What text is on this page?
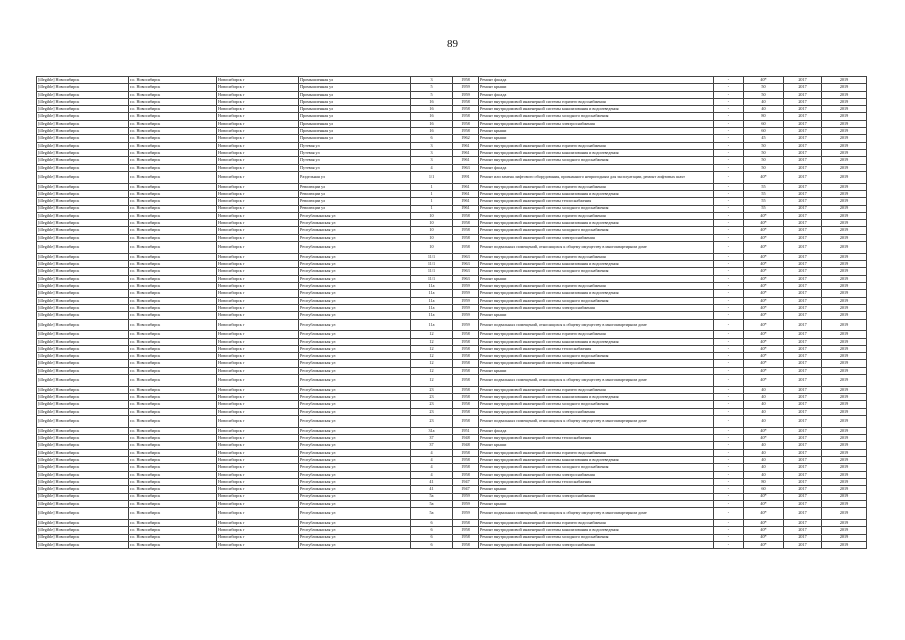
89
[illegible] Новосибирск	г.о. Новосибирск	Новосибирск г	Промышленная ул	3	1958	Ремонт фасада	-	40*	2017	2019
[illegible] Новосибирск	г.о. Новосибирск	Новосибирск г	Промышленная ул	5	1959	Ремонт крыши	-	50	2017	2019
[illegible] Новосибирск	г.о. Новосибирск	Новосибирск г	Промышленная ул	5	1959	Ремонт фасада	-	50	2017	2019
[illegible] Новосибирск	г.о. Новосибирск	Новосибирск г	Промышленная ул	16	1958	Ремонт внутридомовой инженерной системы горячего водоснабжения	-	40	2017	2019
[illegible] Новосибирск	г.о. Новосибирск	Новосибирск г	Промышленная ул	16	1958	Ремонт внутридомовой инженерной системы канализования и водоотведения	-	40	2017	2019
[illegible] Новосибирск	г.о. Новосибирск	Новосибирск г	Промышленная ул	16	1958	Ремонт внутридомовой инженерной системы холодного водоснабжения	-	80	2017	2019
[illegible] Новосибирск	г.о. Новосибирск	Новосибирск г	Промышленная ул	16	1958	Ремонт внутридомовой инженерной системы электроснабжения	-	60	2017	2019
[illegible] Новосибирск	г.о. Новосибирск	Новосибирск г	Промышленная ул	16	1958	Ремонт крыши	-	60	2017	2019
[illegible] Новосибирск	г.о. Новосибирск	Новосибирск г	Промышленная ул	6	1962	Ремонт крыши	-	45	2017	2019
[illegible] Новосибирск	г.о. Новосибирск	Новосибирск г	Путевая ул	3	1961	Ремонт внутридомовой инженерной системы горячего водоснабжения	-	50	2017	2019
[illegible] Новосибирск	г.о. Новосибирск	Новосибирск г	Путевая ул	3	1961	Ремонт внутридомовой инженерной системы канализования и водоотведения	-	50	2017	2019
[illegible] Новосибирск	г.о. Новосибирск	Новосибирск г	Путевая ул	3	1961	Ремонт внутридомовой инженерной системы холодного водоснабжения	-	50	2017	2019
[illegible] Новосибирск	г.о. Новосибирск	Новосибирск г	Путевая ул	4	1963	Ремонт фасада	-	50	2017	2019
[illegible] Новосибирск	г.о. Новосибирск	Новосибирск г	Раздельная ул	1/1	1991	Ремонт или замена лифтового оборудования, признанного непригодным для эксплуатации, ремонт лифтовых шахт	-	40*	2017	2019
[illegible] Новосибирск	г.о. Новосибирск	Новосибирск г	Революции ул	1	1961	Ремонт внутридомовой инженерной системы горячего водоснабжения	-	55	2017	2019
[illegible] Новосибирск	г.о. Новосибирск	Новосибирск г	Революции ул	1	1961	Ремонт внутридомовой инженерной системы канализования и водоотведения	-	55	2017	2019
[illegible] Новосибирск	г.о. Новосибирск	Новосибирск г	Революции ул	1	1961	Ремонт внутридомовой инженерной системы теплоснабжения	-	55	2017	2019
[illegible] Новосибирск	г.о. Новосибирск	Новосибирск г	Революции ул	1	1961	Ремонт внутридомовой инженерной системы холодного водоснабжения	-	55	2017	2019
[illegible] Новосибирск	г.о. Новосибирск	Новосибирск г	Республиканская ул	10	1958	Ремонт внутридомовой инженерной системы горячего водоснабжения	-	40*	2017	2019
[illegible] Новосибирск	г.о. Новосибирск	Новосибирск г	Республиканская ул	10	1958	Ремонт внутридомовой инженерной системы канализования и водоотведения	-	40*	2017	2019
[illegible] Новосибирск	г.о. Новосибирск	Новосибирск г	Республиканская ул	10	1958	Ремонт внутридомовой инженерной системы холодного водоснабжения	-	40*	2017	2019
[illegible] Новосибирск	г.о. Новосибирск	Новосибирск г	Республиканская ул	10	1958	Ремонт внутридомовой инженерной системы электроснабжения	-	40*	2017	2019
[illegible] Новосибирск	г.о. Новосибирск	Новосибирск г	Республиканская ул	10	1958	Ремонт подвальных помещений, относящихся к общему имуществу в многоквартирном доме	-	40*	2017	2019
[illegible] Новосибирск	г.о. Новосибирск	Новосибирск г	Республиканская ул	11/1	1963	Ремонт внутридомовой инженерной системы горячего водоснабжения	-	40*	2017	2019
[illegible] Новосибирск	г.о. Новосибирск	Новосибирск г	Республиканская ул	11/1	1963	Ремонт внутридомовой инженерной системы канализования и водоотведения	-	40*	2017	2019
[illegible] Новосибирск	г.о. Новосибирск	Новосибирск г	Республиканская ул	11/1	1963	Ремонт внутридомовой инженерной системы холодного водоснабжения	-	40*	2017	2019
[illegible] Новосибирск	г.о. Новосибирск	Новосибирск г	Республиканская ул	11/1	1963	Ремонт крыши	-	40*	2017	2019
[illegible] Новосибирск	г.о. Новосибирск	Новосибирск г	Республиканская ул	11а	1959	Ремонт внутридомовой инженерной системы горячего водоснабжения	-	40*	2017	2019
[illegible] Новосибирск	г.о. Новосибирск	Новосибирск г	Республиканская ул	11а	1959	Ремонт внутридомовой инженерной системы канализования и водоотведения	-	40*	2017	2019
[illegible] Новосибирск	г.о. Новосибирск	Новосибирск г	Республиканская ул	11а	1959	Ремонт внутридомовой инженерной системы холодного водоснабжения	-	40*	2017	2019
[illegible] Новосибирск	г.о. Новосибирск	Новосибирск г	Республиканская ул	11а	1959	Ремонт внутридомовой инженерной системы электроснабжения	-	40*	2017	2019
[illegible] Новосибирск	г.о. Новосибирск	Новосибирск г	Республиканская ул	11а	1959	Ремонт крыши	-	40*	2017	2019
[illegible] Новосибирск	г.о. Новосибирск	Новосибирск г	Республиканская ул	11а	1959	Ремонт подвальных помещений, относящихся к общему имуществу в многоквартирном доме	-	40*	2017	2019
[illegible] Новосибирск	г.о. Новосибирск	Новосибирск г	Республиканская ул	12	1958	Ремонт внутридомовой инженерной системы горячего водоснабжения	-	40*	2017	2019
[illegible] Новосибирск	г.о. Новосибирск	Новосибирск г	Республиканская ул	12	1958	Ремонт внутридомовой инженерной системы канализования и водоотведения	-	40*	2017	2019
[illegible] Новосибирск	г.о. Новосибирск	Новосибирск г	Республиканская ул	12	1958	Ремонт внутридомовой инженерной системы теплоснабжения	-	40*	2017	2019
[illegible] Новосибирск	г.о. Новосибирск	Новосибирск г	Республиканская ул	12	1958	Ремонт внутридомовой инженерной системы холодного водоснабжения	-	40*	2017	2019
[illegible] Новосибирск	г.о. Новосибирск	Новосибирск г	Республиканская ул	12	1958	Ремонт внутридомовой инженерной системы электроснабжения	-	40*	2017	2019
[illegible] Новосибирск	г.о. Новосибирск	Новосибирск г	Республиканская ул	12	1958	Ремонт крыши	-	40*	2017	2019
[illegible] Новосибирск	г.о. Новосибирск	Новосибирск г	Республиканская ул	12	1958	Ремонт подвальных помещений, относящихся к общему имуществу в многоквартирном доме	-	40*	2017	2019
[illegible] Новосибирск	г.о. Новосибирск	Новосибирск г	Республиканская ул	23	1958	Ремонт внутридомовой инженерной системы горячего водоснабжения	-	40	2017	2019
[illegible] Новосибирск	г.о. Новосибирск	Новосибирск г	Республиканская ул	23	1958	Ремонт внутридомовой инженерной системы канализования и водоотведения	-	40	2017	2019
[illegible] Новосибирск	г.о. Новосибирск	Новосибирск г	Республиканская ул	23	1958	Ремонт внутридомовой инженерной системы холодного водоснабжения	-	40	2017	2019
[illegible] Новосибирск	г.о. Новосибирск	Новосибирск г	Республиканская ул	23	1958	Ремонт внутридомовой инженерной системы электроснабжения	-	40	2017	2019
[illegible] Новосибирск	г.о. Новосибирск	Новосибирск г	Республиканская ул	23	1958	Ремонт подвальных помещений, относящихся к общему имуществу в многоквартирном доме	-	40	2017	2019
[illegible] Новосибирск	г.о. Новосибирск	Новосибирск г	Республиканская ул	31а	1951	Ремонт фасада	-	40*	2017	2019
[illegible] Новосибирск	г.о. Новосибирск	Новосибирск г	Республиканская ул	37	1948	Ремонт внутридомовой инженерной системы теплоснабжения	-	40*	2017	2019
[illegible] Новосибирск	г.о. Новосибирск	Новосибирск г	Республиканская ул	37	1948	Ремонт крыши	-	40	2017	2019
[illegible] Новосибирск	г.о. Новосибирск	Новосибирск г	Республиканская ул	4	1958	Ремонт внутридомовой инженерной системы горячего водоснабжения	-	40	2017	2019
[illegible] Новосибирск	г.о. Новосибирск	Новосибирск г	Республиканская ул	4	1958	Ремонт внутридомовой инженерной системы канализования и водоотведения	-	40	2017	2019
[illegible] Новосибирск	г.о. Новосибирск	Новосибирск г	Республиканская ул	4	1958	Ремонт внутридомовой инженерной системы холодного водоснабжения	-	40	2017	2019
[illegible] Новосибирск	г.о. Новосибирск	Новосибирск г	Республиканская ул	4	1958	Ремонт внутридомовой инженерной системы электроснабжения	-	40	2017	2019
[illegible] Новосибирск	г.о. Новосибирск	Новосибирск г	Республиканская ул	41	1947	Ремонт внутридомовой инженерной системы теплоснабжения	-	80	2017	2019
[illegible] Новосибирск	г.о. Новосибирск	Новосибирск г	Республиканская ул	41	1947	Ремонт крыши	-	60	2017	2019
[illegible] Новосибирск	г.о. Новосибирск	Новосибирск г	Республиканская ул	5а	1959	Ремонт внутридомовой инженерной системы электроснабжения	-	40*	2017	2019
[illegible] Новосибирск	г.о. Новосибирск	Новосибирск г	Республиканская ул	5а	1959	Ремонт крыши	-	40*	2017	2019
[illegible] Новосибирск	г.о. Новосибирск	Новосибирск г	Республиканская ул	5а	1959	Ремонт подвальных помещений, относящихся к общему имуществу в многоквартирном доме	-	40*	2017	2019
[illegible] Новосибирск	г.о. Новосибирск	Новосибирск г	Республиканская ул	6	1958	Ремонт внутридомовой инженерной системы горячего водоснабжения	-	40*	2017	2019
[illegible] Новосибирск	г.о. Новосибирск	Новосибирск г	Республиканская ул	6	1958	Ремонт внутридомовой инженерной системы канализования и водоотведения	-	40*	2017	2019
[illegible] Новосибирск	г.о. Новосибирск	Новосибирск г	Республиканская ул	6	1958	Ремонт внутридомовой инженерной системы холодного водоснабжения	-	40*	2017	2019
[illegible] Новосибирск	г.о. Новосибирск	Новосибирск г	Республиканская ул	6	1958	Ремонт внутридомовой инженерной системы электроснабжения	-	40*	2017	2019
